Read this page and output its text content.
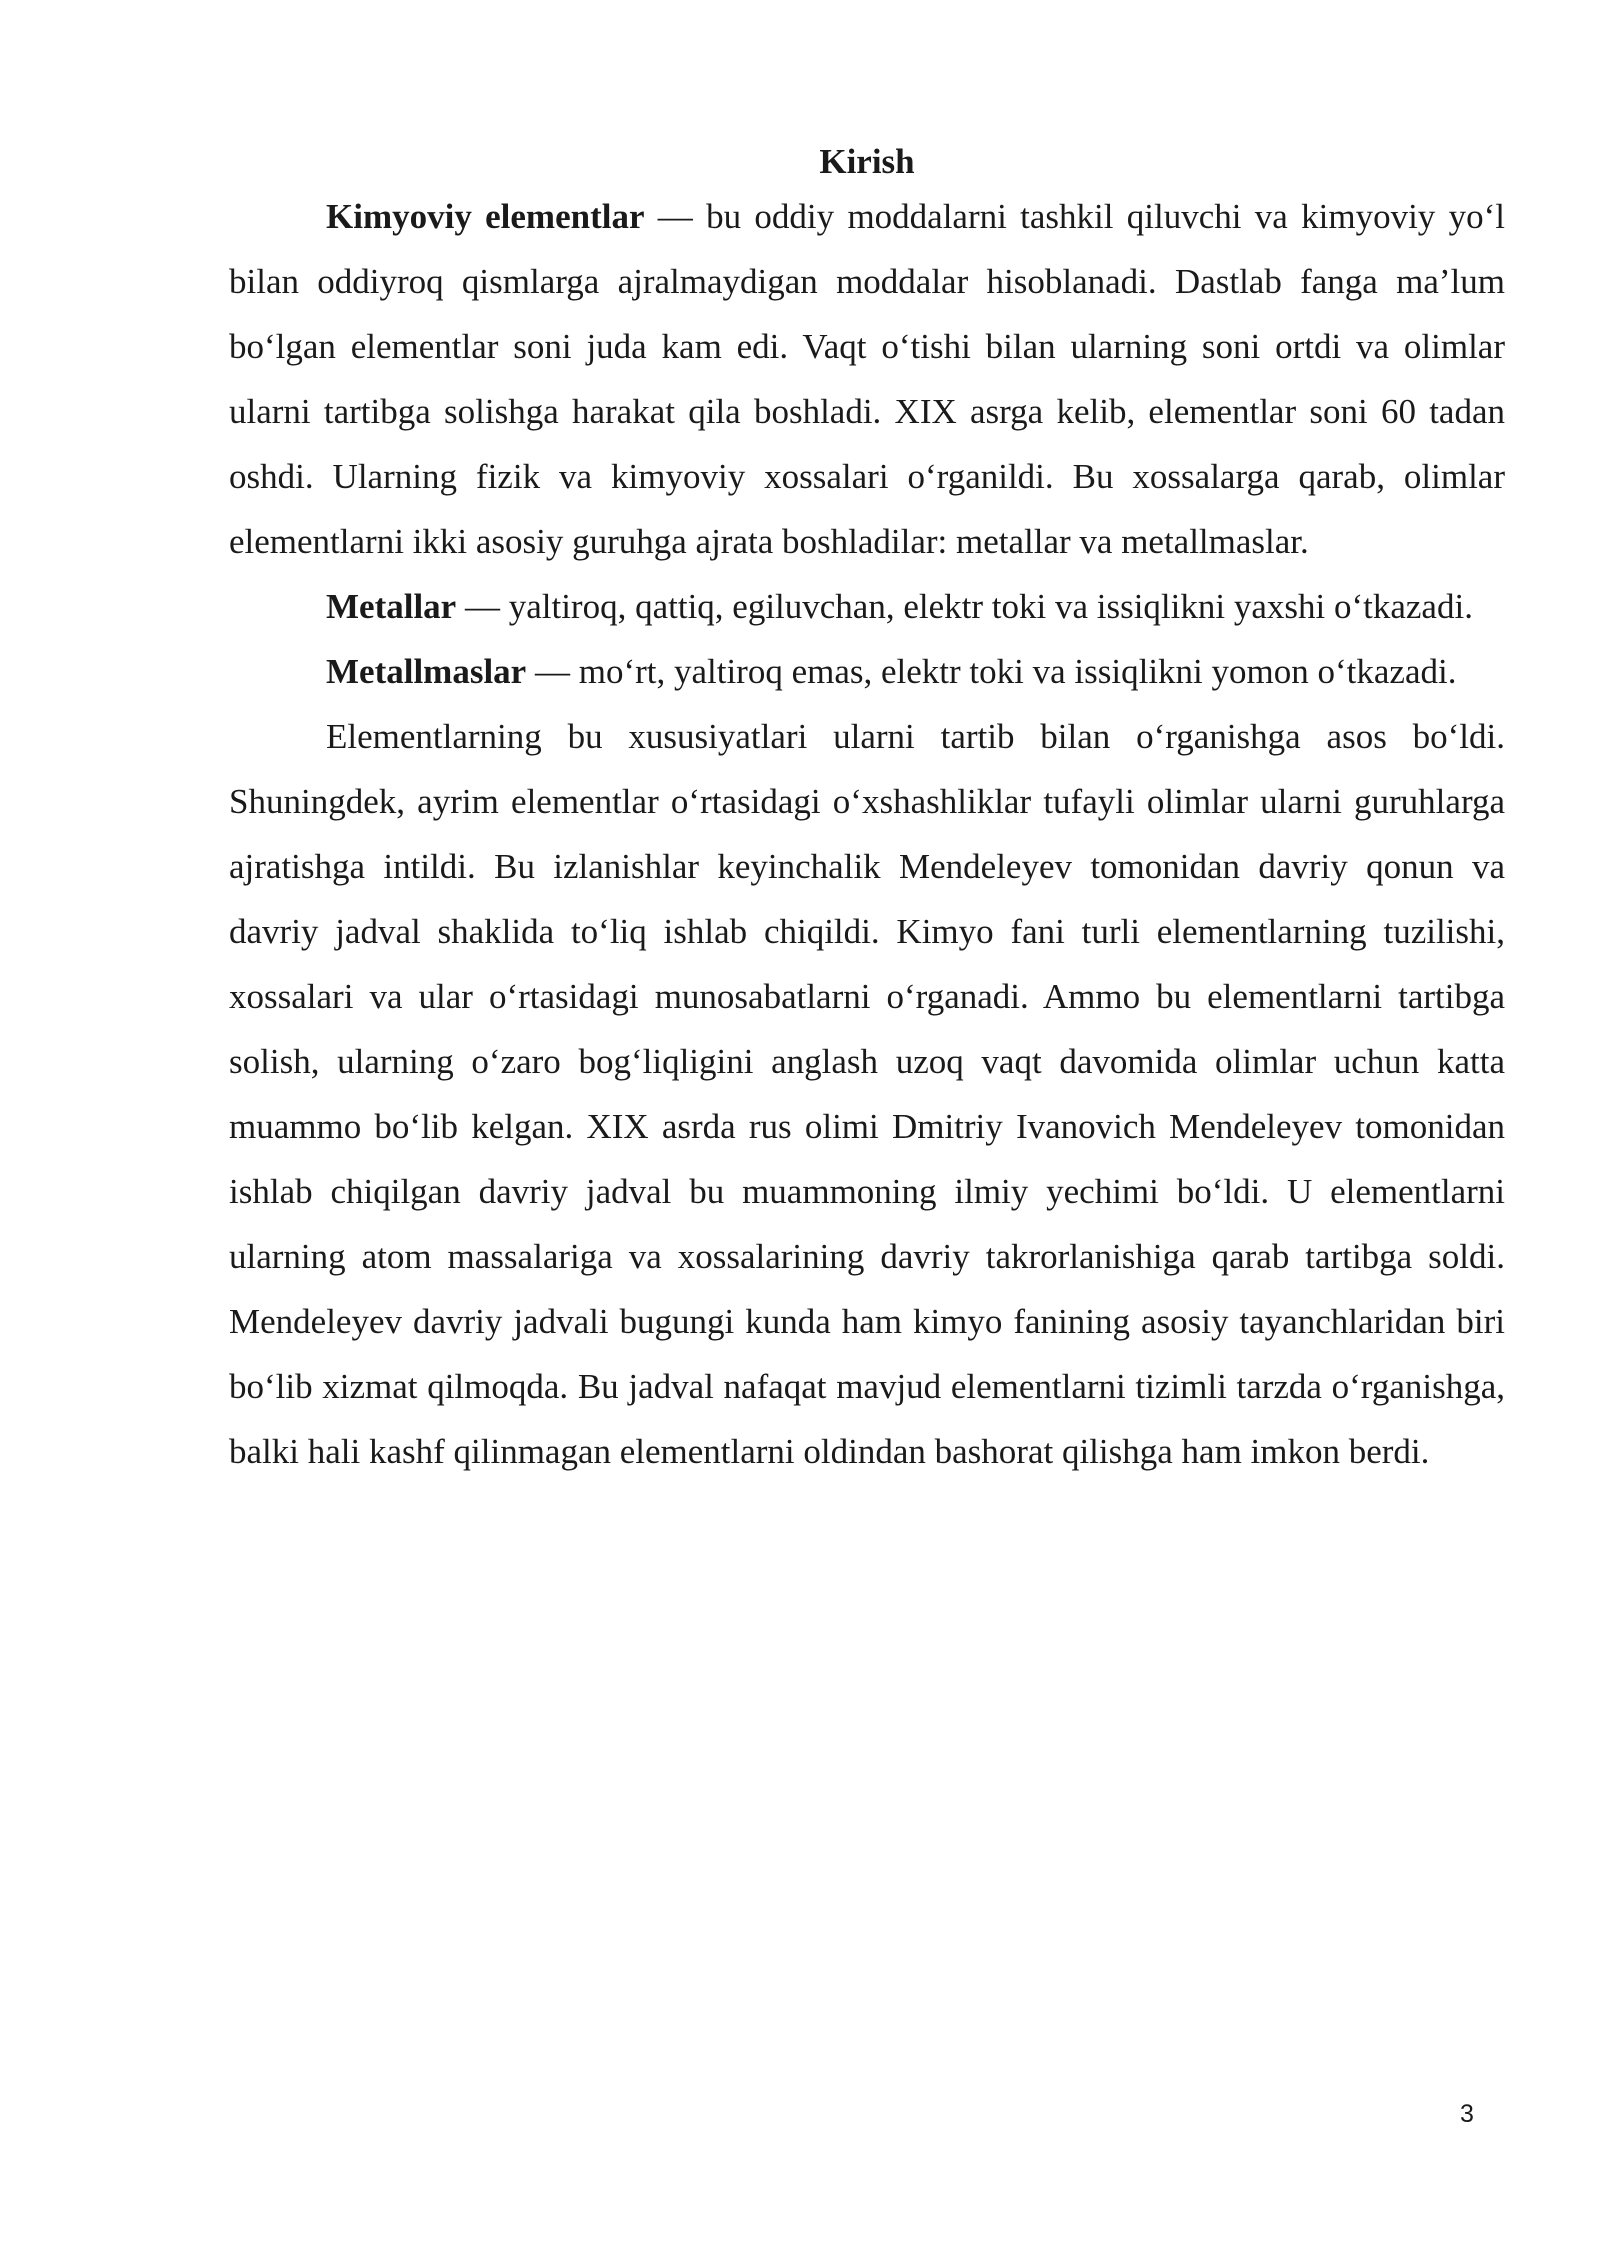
Kirish

Kimyoviy elementlar — bu oddiy moddalarni tashkil qiluvchi va kimyoviy yo‘l bilan oddiyroq qismlarga ajralmaydigan moddalar hisoblanadi. Dastlab fanga ma’lum bo‘lgan elementlar soni juda kam edi. Vaqt o‘tishi bilan ularning soni ortdi va olimlar ularni tartibga solishga harakat qila boshladi. XIX asrga kelib, elementlar soni 60 tadan oshdi. Ularning fizik va kimyoviy xossalari o‘rganildi. Bu xossalarga qarab, olimlar elementlarni ikki asosiy guruhga ajrata boshladilar: metallar va metallmaslar.

Metallar — yaltiroq, qattiq, egiluvchan, elektr toki va issiqlikni yaxshi o‘tkazadi.

Metallmaslar — mo‘rt, yaltiroq emas, elektr toki va issiqlikni yomon o‘tkazadi.

Elementlarning bu xususiyatlari ularni tartib bilan o‘rganishga asos bo‘ldi. Shuningdek, ayrim elementlar o‘rtasidagi o‘xshashliklar tufayli olimlar ularni guruhlarga ajratishga intildi. Bu izlanishlar keyinchalik Mendeleyev tomonidan davriy qonun va davriy jadval shaklida to‘liq ishlab chiqildi. Kimyo fani turli elementlarning tuzilishi, xossalari va ular o‘rtasidagi munosabatlarni o‘rganadi. Ammo bu elementlarni tartibga solish, ularning o‘zaro bog‘liqligini anglash uzoq vaqt davomida olimlar uchun katta muammo bo‘lib kelgan. XIX asrda rus olimi Dmitriy Ivanovich Mendeleyev tomonidan ishlab chiqilgan davriy jadval bu muammoning ilmiy yechimi bo‘ldi. U elementlarni ularning atom massalariga va xossalarining davriy takrorlanishiga qarab tartibga soldi. Mendeleyev davriy jadvali bugungi kunda ham kimyo fanining asosiy tayanchlaridan biri bo‘lib xizmat qilmoqda. Bu jadval nafaqat mavjud elementlarni tizimli tarzda o‘rganishga, balki hali kashf qilinmagan elementlarni oldindan bashorat qilishga ham imkon berdi.

3
